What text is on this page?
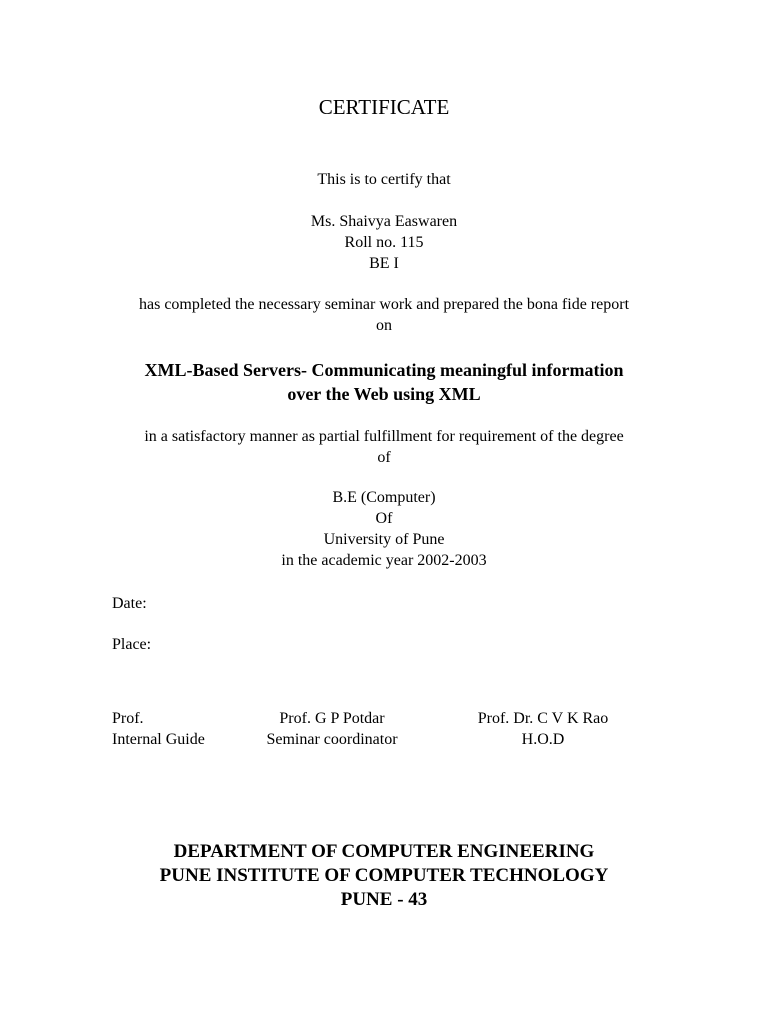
CERTIFICATE
This is to certify that
Ms. Shaivya Easwaren
Roll no. 115
BE I
has completed the necessary seminar work and prepared the bona fide report
on
XML-Based Servers- Communicating meaningful information
over the Web using XML
in a satisfactory manner as partial fulfillment for requirement of the degree
of
B.E (Computer)
Of
University of Pune
in the academic year 2002-2003
Date:
Place:
Prof.
Internal Guide
Prof. G P Potdar
Seminar coordinator
Prof. Dr. C V K Rao
H.O.D
DEPARTMENT OF COMPUTER ENGINEERING
PUNE INSTITUTE OF COMPUTER TECHNOLOGY
PUNE - 43
